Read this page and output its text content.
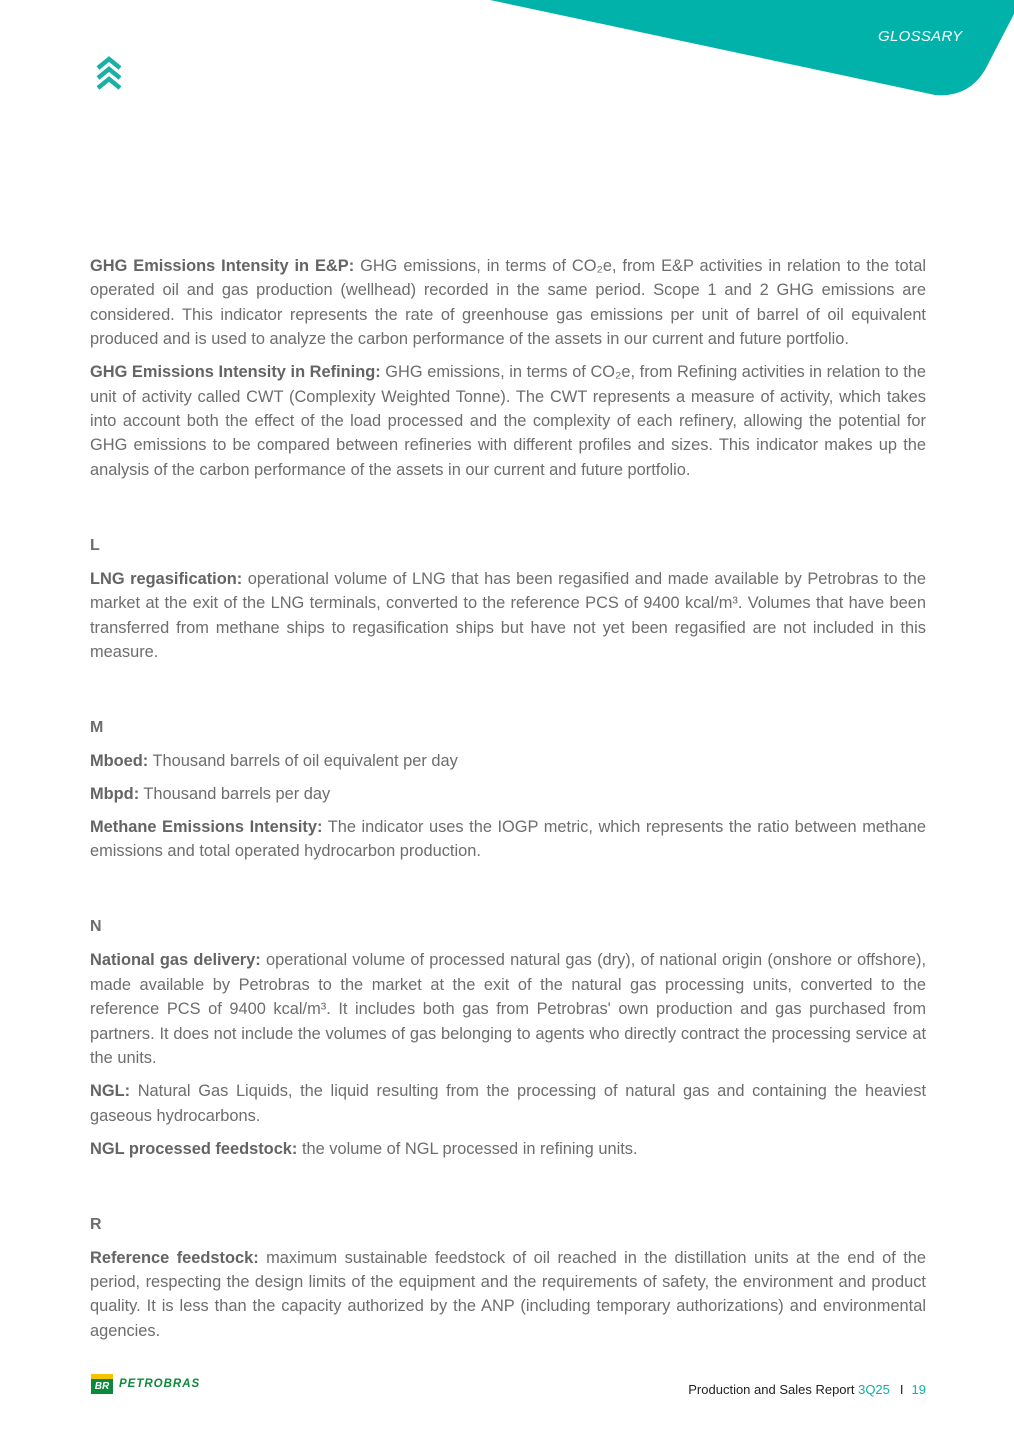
GLOSSARY

GHG Emissions Intensity in E&P: GHG emissions, in terms of CO₂e, from E&P activities in relation to the total operated oil and gas production (wellhead) recorded in the same period. Scope 1 and 2 GHG emissions are considered. This indicator represents the rate of greenhouse gas emissions per unit of barrel of oil equivalent produced and is used to analyze the carbon performance of the assets in our current and future portfolio.

GHG Emissions Intensity in Refining: GHG emissions, in terms of CO₂e, from Refining activities in relation to the unit of activity called CWT (Complexity Weighted Tonne). The CWT represents a measure of activity, which takes into account both the effect of the load processed and the complexity of each refinery, allowing the potential for GHG emissions to be compared between refineries with different profiles and sizes. This indicator makes up the analysis of the carbon performance of the assets in our current and future portfolio.

L

LNG regasification: operational volume of LNG that has been regasified and made available by Petrobras to the market at the exit of the LNG terminals, converted to the reference PCS of 9400 kcal/m³. Volumes that have been transferred from methane ships to regasification ships but have not yet been regasified are not included in this measure.

M

Mboed: Thousand barrels of oil equivalent per day

Mbpd: Thousand barrels per day

Methane Emissions Intensity: The indicator uses the IOGP metric, which represents the ratio between methane emissions and total operated hydrocarbon production.

N

National gas delivery: operational volume of processed natural gas (dry), of national origin (onshore or offshore), made available by Petrobras to the market at the exit of the natural gas processing units, converted to the reference PCS of 9400 kcal/m³. It includes both gas from Petrobras' own production and gas purchased from partners. It does not include the volumes of gas belonging to agents who directly contract the processing service at the units.

NGL: Natural Gas Liquids, the liquid resulting from the processing of natural gas and containing the heaviest gaseous hydrocarbons.

NGL processed feedstock: the volume of NGL processed in refining units.

R

Reference feedstock: maximum sustainable feedstock of oil reached in the distillation units at the end of the period, respecting the design limits of the equipment and the requirements of safety, the environment and product quality. It is less than the capacity authorized by the ANP (including temporary authorizations) and environmental agencies.

BR PETROBRAS	Production and Sales Report 3Q25 I 19
